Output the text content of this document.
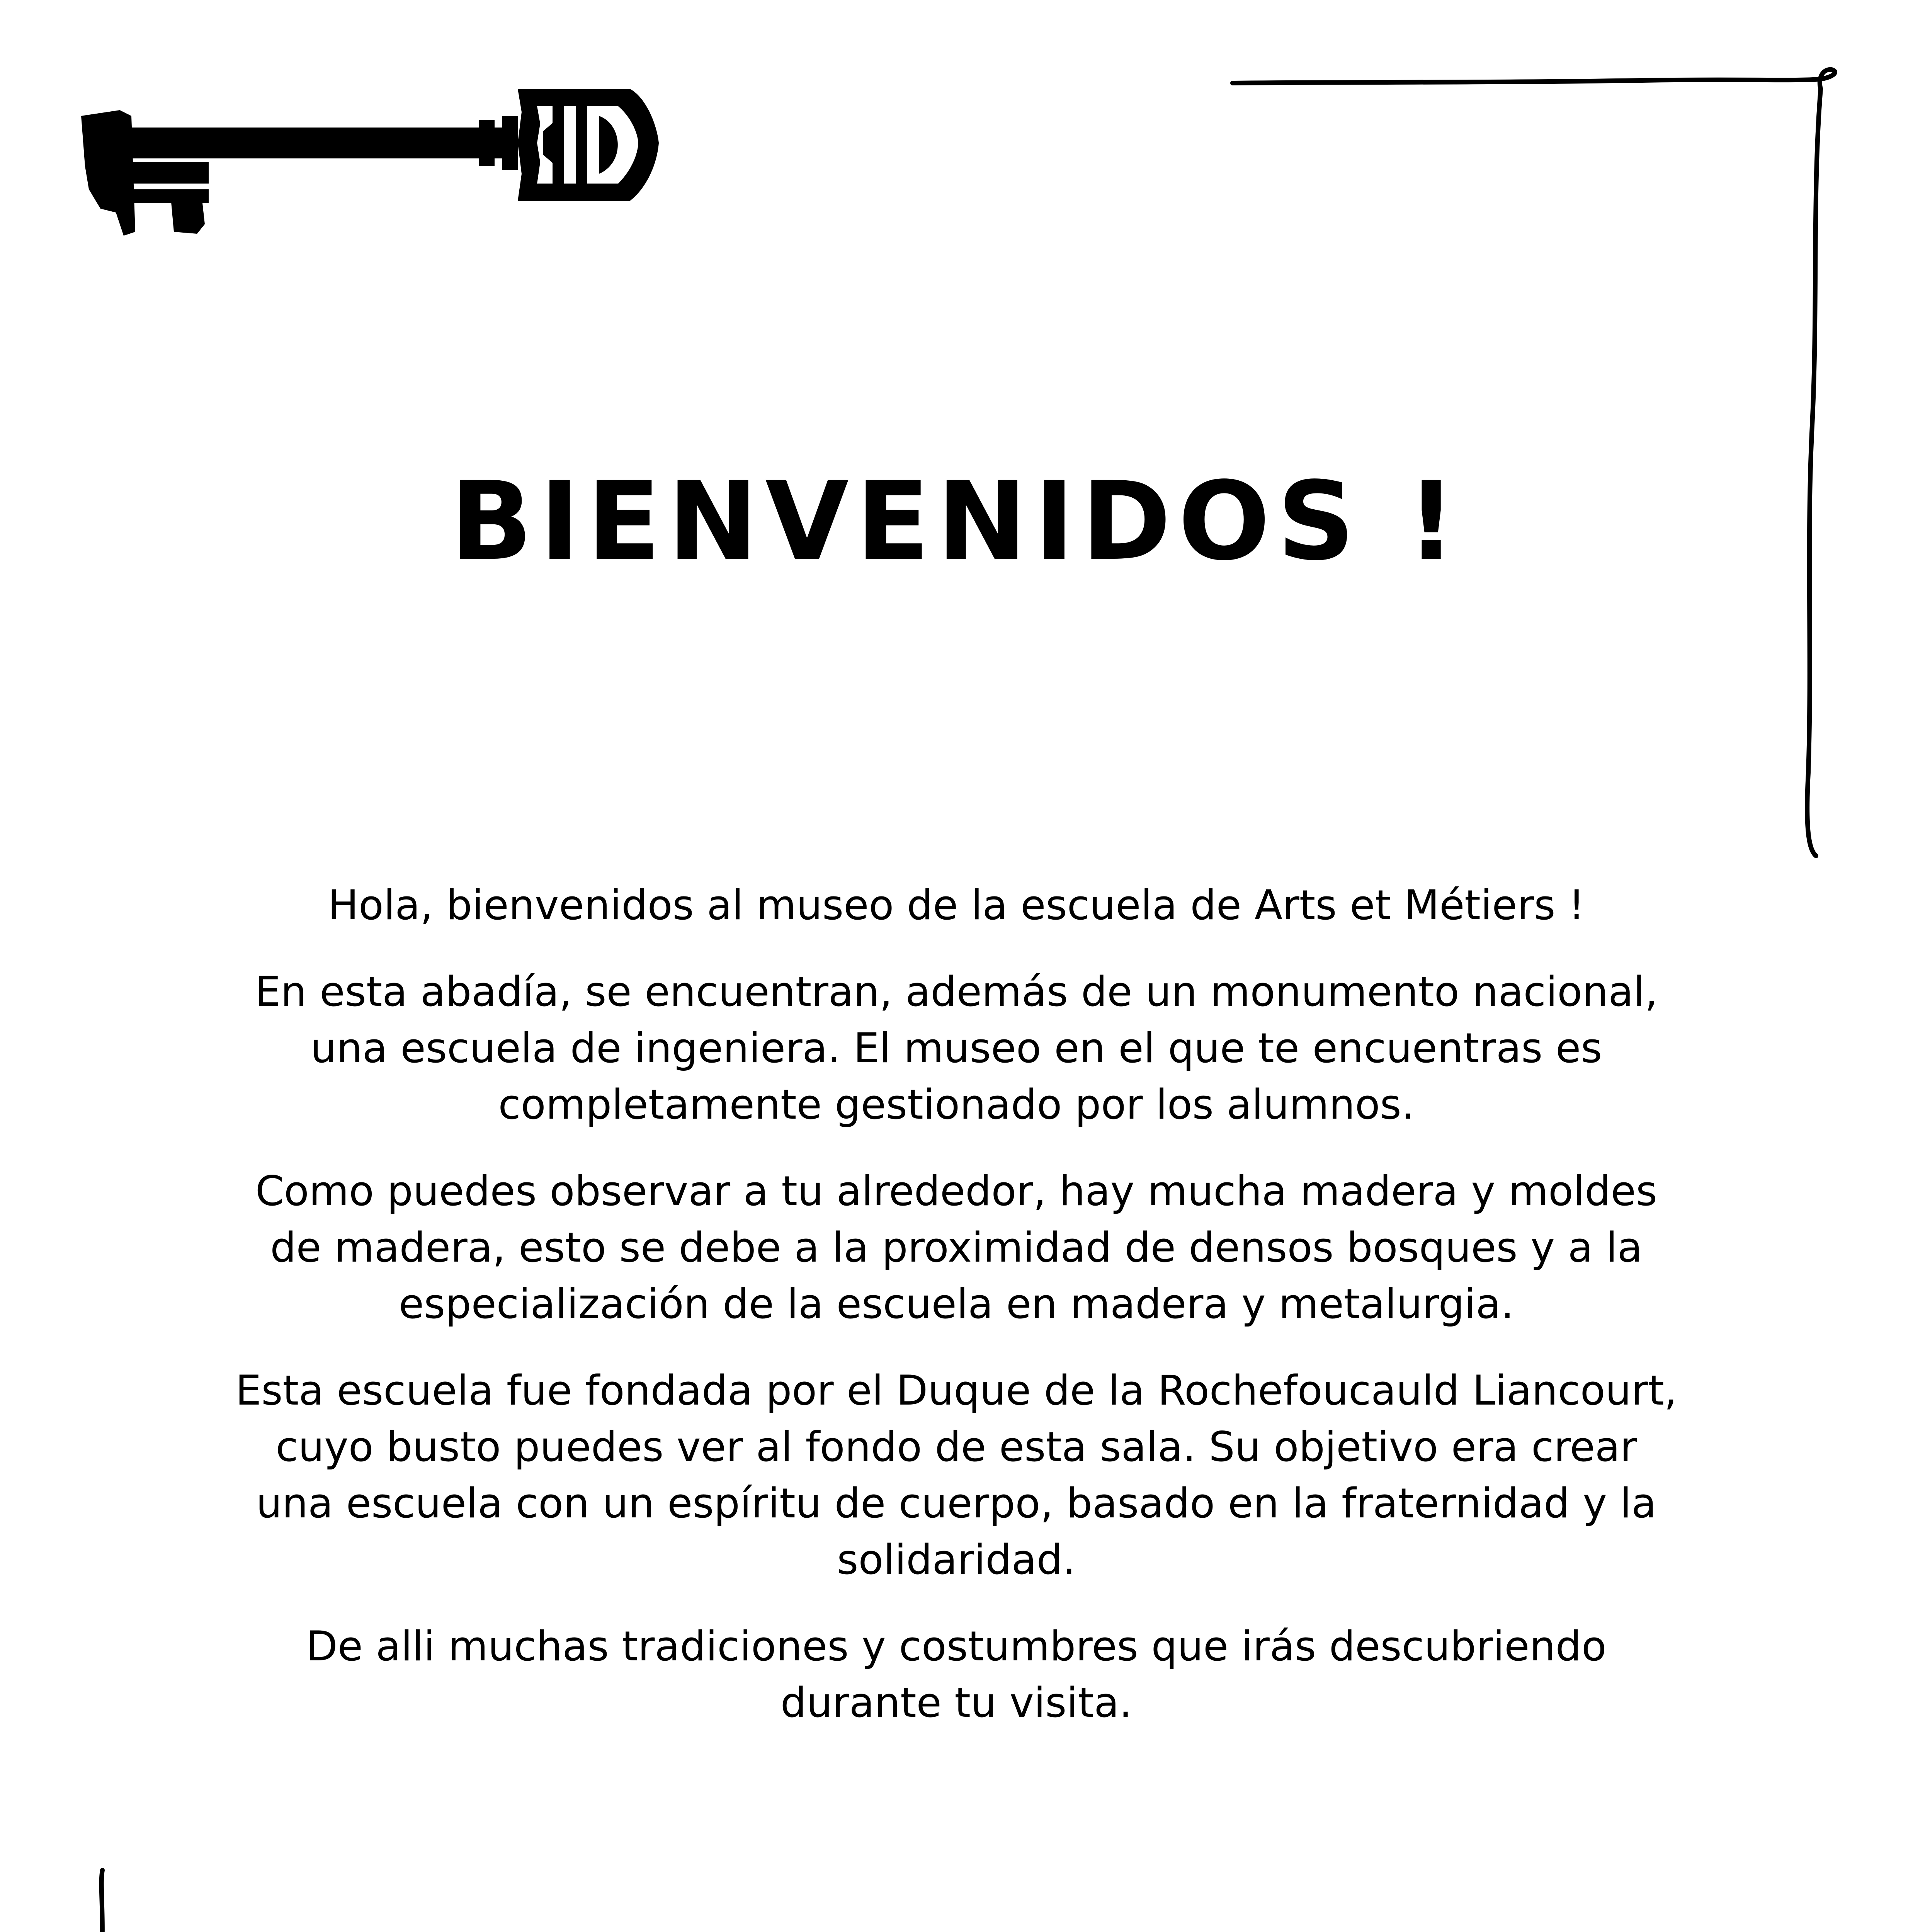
BIENVENIDOS !

Hola, bienvenidos al museo de la escuela de Arts et Métiers !

En esta abadía, se encuentran, además de un monumento nacional, una escuela de ingeniera. El museo en el que te encuentras es completamente gestionado por los alumnos.

Como puedes observar a tu alrededor, hay mucha madera y moldes de madera, esto se debe a la proximidad de densos bosques y a la especialización de la escuela en madera y metalurgia.

Esta escuela fue fondada por el Duque de la Rochefoucauld Liancourt, cuyo busto puedes ver al fondo de esta sala. Su objetivo era crear una escuela con un espíritu de cuerpo, basado en la fraternidad y la solidaridad.

De alli muchas tradiciones y costumbres que irás descubriendo durante tu visita.
